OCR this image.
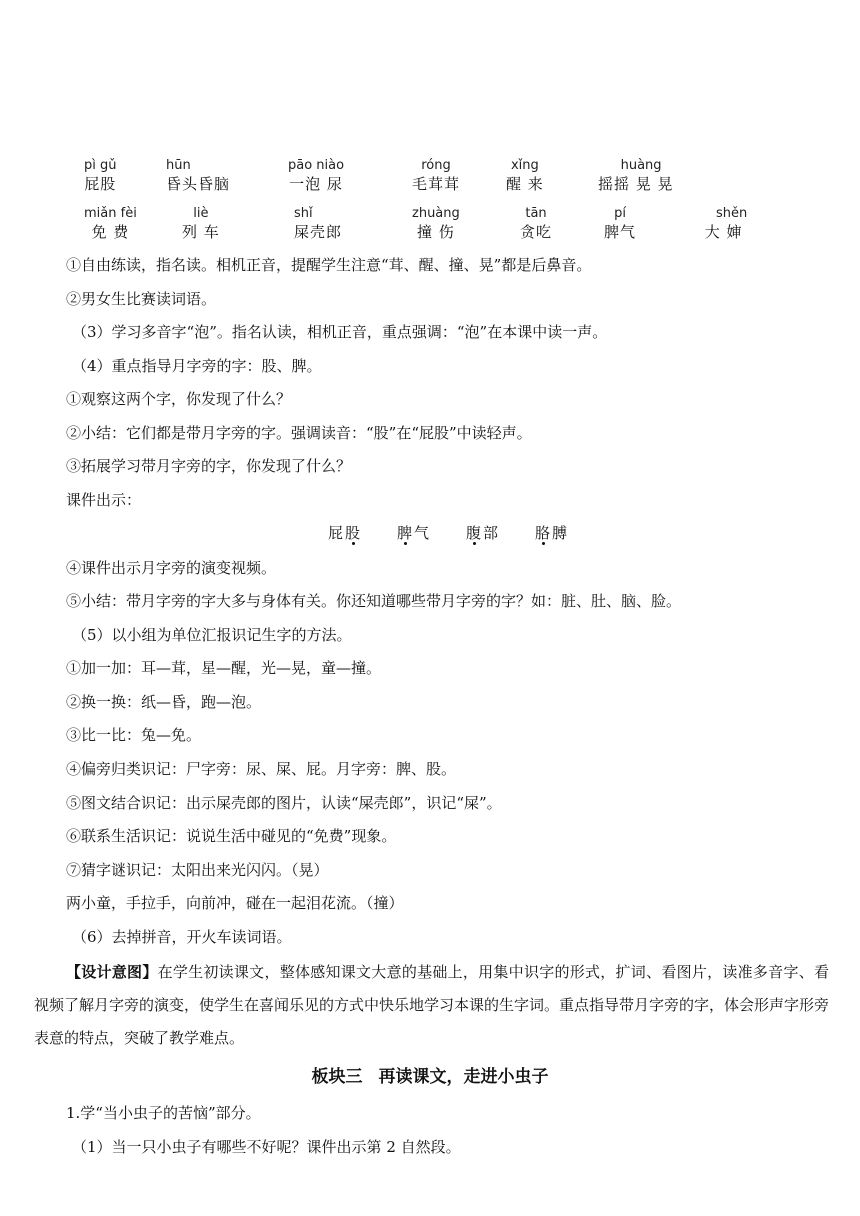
pì gǔ
屁股
hūn
昏头昏脑
pāo niào
一泡 尿
róng
毛茸茸
xǐng
醒 来
huàng
摇摇 晃 晃
miǎn fèi
免 费
liè
列 车
shǐ
屎壳郎
zhuàng
撞 伤
tān
贪吃
pí
脾气
shěn
大 婶
①自由练读，指名读。相机正音，提醒学生注意“茸、醒、撞、晃”都是后鼻音。
②男女生比赛读词语。
（3）学习多音字“泡”。指名认读，相机正音，重点强调：“泡”在本课中读一声。
（4）重点指导月字旁的字：股、脾。
①观察这两个字，你发现了什么？
②小结：它们都是带月字旁的字。强调读音：“股”在“屁股”中读轻声。
③拓展学习带月字旁的字，你发现了什么？
课件出示：
屁股 脾气 腹部 胳膊
④课件出示月字旁的演变视频。
⑤小结：带月字旁的字大多与身体有关。你还知道哪些带月字旁的字？如：脏、肚、脑、脸。
（5）以小组为单位汇报识记生字的方法。
①加一加：耳—茸，星—醒，光—晃，童—撞。
②换一换：纸—昏，跑—泡。
③比一比：兔—免。
④偏旁归类识记：尸字旁：尿、屎、屁。月字旁：脾、股。
⑤图文结合识记：出示屎壳郎的图片，认读“屎壳郎”，识记“屎”。
⑥联系生活识记：说说生活中碰见的“免费”现象。
⑦猜字谜识记：太阳出来光闪闪。（晃）
两小童，手拉手，向前冲，碰在一起泪花流。（撞）
（6）去掉拼音，开火车读词语。
【设计意图】在学生初读课文，整体感知课文大意的基础上，用集中识字的形式，扩词、看图片，读准多音字、看视频了解月字旁的演变，使学生在喜闻乐见的方式中快乐地学习本课的生字词。重点指导带月字旁的字，体会形声字形旁表意的特点，突破了教学难点。
板块三 再读课文，走进小虫子
1.学“当小虫子的苦恼”部分。
（1）当一只小虫子有哪些不好呢？课件出示第 2 自然段。
